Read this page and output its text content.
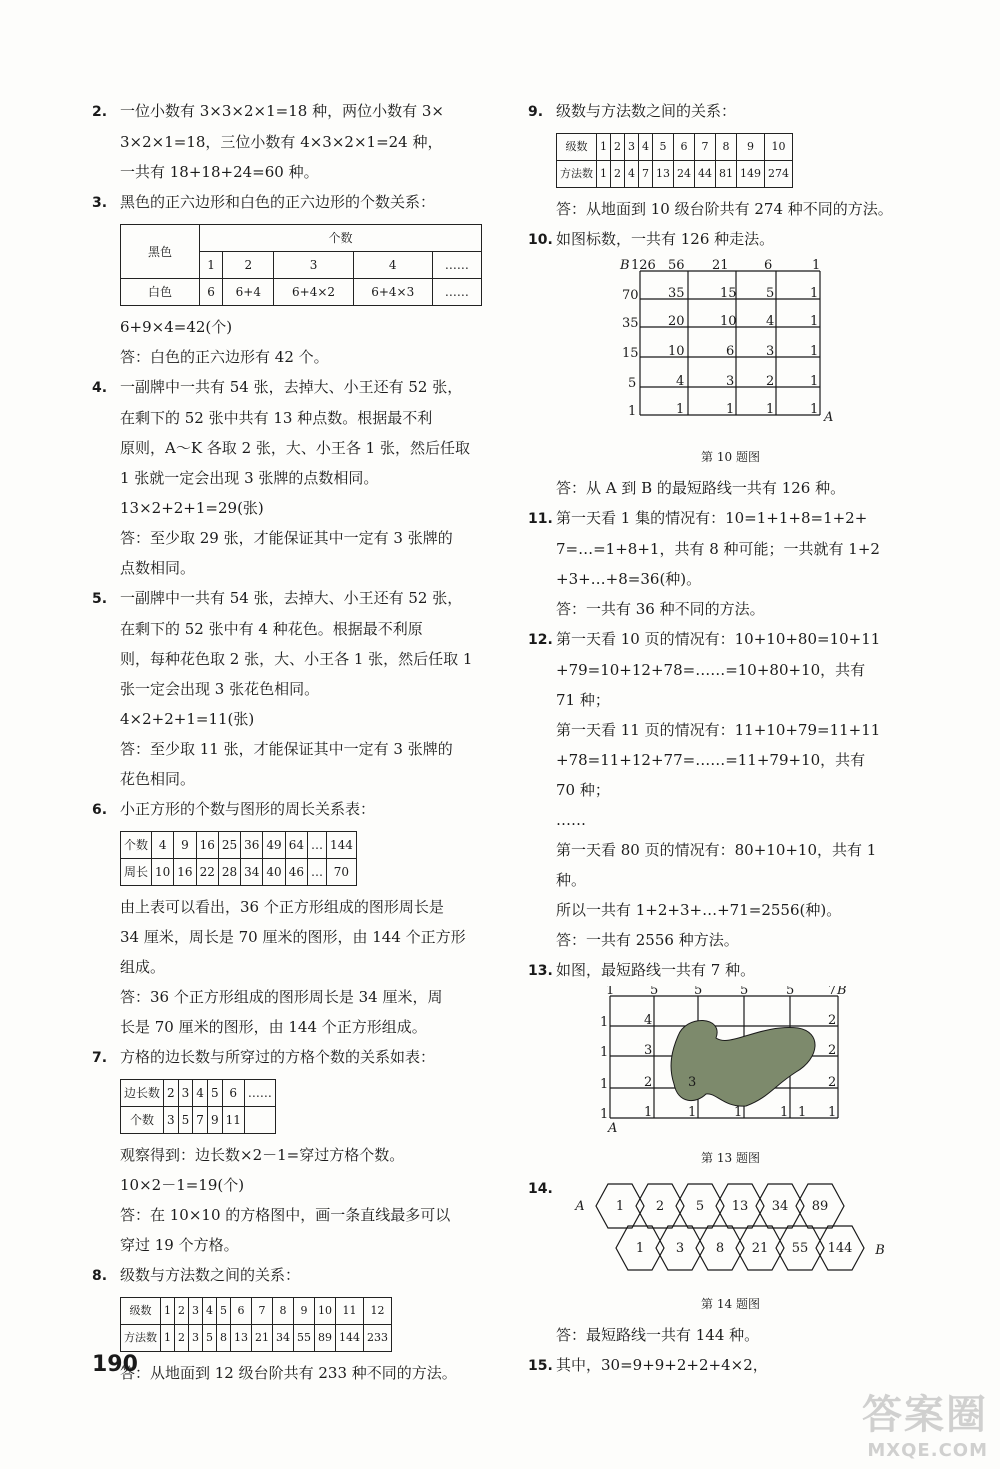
2. 一位小数有 3×3×2×1=18 种，两位小数有 3×

3×2×1=18，三位小数有 4×3×2×1=24 种，

一共有 18+18+24=60 种。

3. 黑色的正六边形和白色的正六边形的个数关系：

黑色	个数				
	1	2	3	4	……
白色	6	6+4	6+4×2	6+4×3	……

6+9×4=42(个)

答：白色的正六边形有 42 个。

4. 一副牌中一共有 54 张，去掉大、小王还有 52 张，

在剩下的 52 张中共有 13 种点数。根据最不利

原则，A～K 各取 2 张，大、小王各 1 张，然后任取

1 张就一定会出现 3 张牌的点数相同。

13×2+2+1=29(张)

答：至少取 29 张，才能保证其中一定有 3 张牌的

点数相同。

5. 一副牌中一共有 54 张，去掉大、小王还有 52 张，

在剩下的 52 张中有 4 种花色。根据最不利原

则，每种花色取 2 张，大、小王各 1 张，然后任取 1

张一定会出现 3 张花色相同。

4×2+2+1=11(张)

答：至少取 11 张，才能保证其中一定有 3 张牌的

花色相同。

6. 小正方形的个数与图形的周长关系表：

个数	4	9	16	25	36	49	64	…	144
周长	10	16	22	28	34	40	46	…	70

由上表可以看出，36 个正方形组成的图形周长是

34 厘米，周长是 70 厘米的图形，由 144 个正方形

组成。

答：36 个正方形组成的图形周长是 34 厘米，周

长是 70 厘米的图形，由 144 个正方形组成。

7. 方格的边长数与所穿过的方格个数的关系如表：

边长数	2	3	4	5	6	……
个数	3	5	7	9	11	

观察得到：边长数×2－1=穿过方格个数。

10×2－1=19(个)

答：在 10×10 的方格图中，画一条直线最多可以

穿过 19 个方格。

8. 级数与方法数之间的关系：

级数	1	2	3	4	5	6	7	8	9	10	11	12
方法数	1	2	3	5	8	13	21	34	55	89	144	233

答：从地面到 12 级台阶共有 233 种不同的方法。

9. 级数与方法数之间的关系：

级数	1	2	3	4	5	6	7	8	9	10
方法数	1	2	4	7	13	24	44	81	149	274

答：从地面到 10 级台阶共有 274 种不同的方法。

10. 如图标数，一共有 126 种走法。

B 126 56 21	6	1
70
35
15
5
1
35	15 5	1
20	10 4	1
10	6 3	1
4	3 2	1
1	1 1	1
A
第 10 题图

答：从 A 到 B 的最短路线一共有 126 种。

11. 第一天看 1 集的情况有：10=1+1+8=1+2+

7=…=1+8+1，共有 8 种可能；一共就有 1+2

+3+…+8=36(种)。

答：一共有 36 种不同的方法。

12. 第一天看 10 页的情况有：10+10+80=10+11

+79=10+12+78=……=10+80+10，共有

71 种；

第一天看 11 页的情况有：11+10+79=11+11

+78=11+12+77=……=11+79+10，共有

70 种；

……

第一天看 80 页的情况有：80+10+10，共有 1

种。

所以一共有 1+2+3+…+71=2556(种)。

答：一共有 2556 种方法。

13. 如图，最短路线一共有 7 种。

1	5	5	5	5	7 B
1
1
1
1
4	2
3	2
2	3	2
1	1	1	1 1 1
A
第 13 题图
14.
A 1 2 5 13 34 89
1 3 8 21 55 144 B
第 14 题图

答：最短路线一共有 144 种。

15. 其中，30=9+9+2+2+4×2，

190
答案圈
MXQE.COM
